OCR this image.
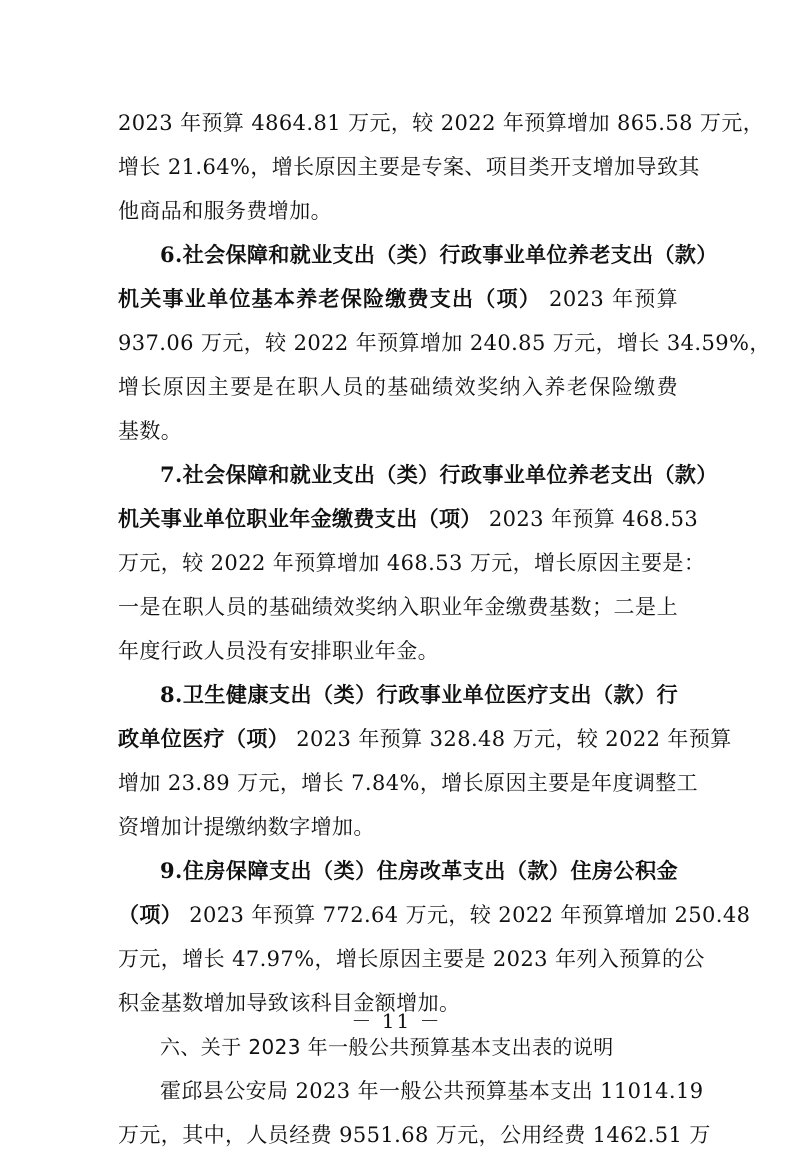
2023 年预算 4864.81 万元，较 2022 年预算增加 865.58 万元，
增长 21.64%，增长原因主要是专案、项目类开支增加导致其
他商品和服务费增加。
6.社会保障和就业支出（类）行政事业单位养老支出（款）
机关事业单位基本养老保险缴费支出（项） 2023 年预算
937.06 万元，较 2022 年预算增加 240.85 万元，增长 34.59%，
增长原因主要是在职人员的基础绩效奖纳入养老保险缴费
基数。
7.社会保障和就业支出（类）行政事业单位养老支出（款）
机关事业单位职业年金缴费支出（项） 2023 年预算 468.53
万元，较 2022 年预算增加 468.53 万元，增长原因主要是：
一是在职人员的基础绩效奖纳入职业年金缴费基数；二是上
年度行政人员没有安排职业年金。
8.卫生健康支出（类）行政事业单位医疗支出（款）行
政单位医疗（项） 2023 年预算 328.48 万元，较 2022 年预算
增加 23.89 万元，增长 7.84%，增长原因主要是年度调整工
资增加计提缴纳数字增加。
9.住房保障支出（类）住房改革支出（款）住房公积金
（项） 2023 年预算 772.64 万元，较 2022 年预算增加 250.48
万元，增长 47.97%，增长原因主要是 2023 年列入预算的公
积金基数增加导致该科目金额增加。
六、关于 2023 年一般公共预算基本支出表的说明
霍邱县公安局 2023 年一般公共预算基本支出 11014.19
万元，其中，人员经费 9551.68 万元，公用经费 1462.51 万
－ 11 －
